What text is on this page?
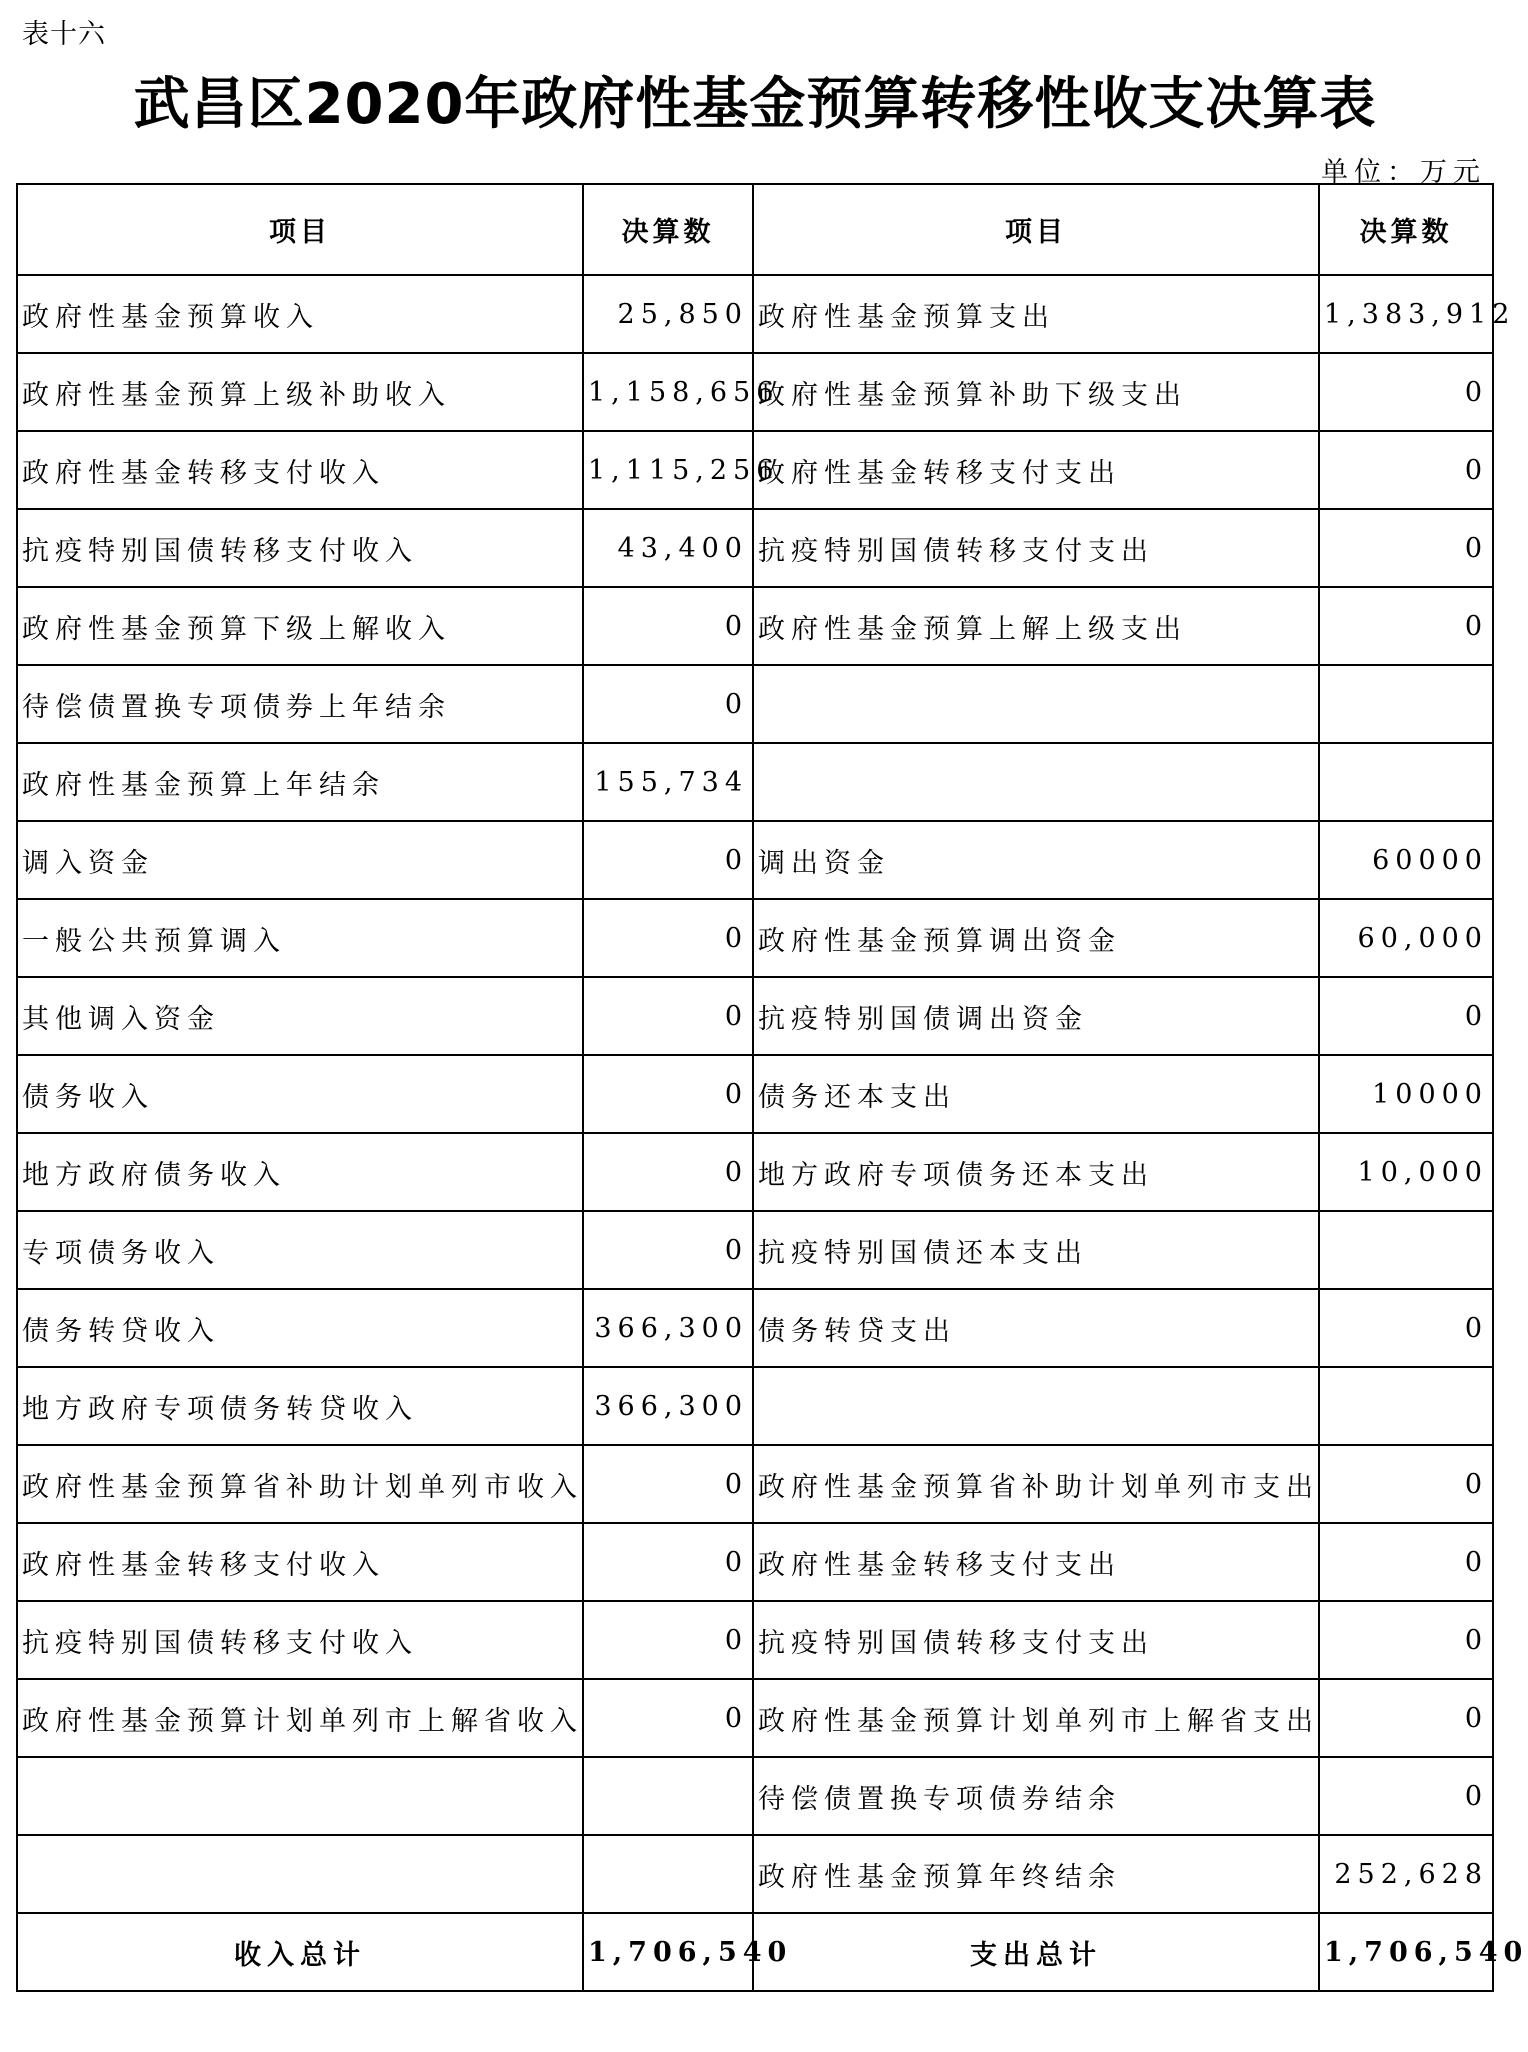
表十六
武昌区2020年政府性基金预算转移性收支决算表
单位：万元
项目	决算数	项目	决算数
政府性基金预算收入	25,850	政府性基金预算支出	1,383,912
政府性基金预算上级补助收入	1,158,656	政府性基金预算补助下级支出	0
政府性基金转移支付收入	1,115,256	政府性基金转移支付支出	0
抗疫特别国债转移支付收入	43,400	抗疫特别国债转移支付支出	0
政府性基金预算下级上解收入	0	政府性基金预算上解上级支出	0
待偿债置换专项债券上年结余	0		
政府性基金预算上年结余	155,734		
调入资金	0	调出资金	60000
一般公共预算调入	0	政府性基金预算调出资金	60,000
其他调入资金	0	抗疫特别国债调出资金	0
债务收入	0	债务还本支出	10000
地方政府债务收入	0	地方政府专项债务还本支出	10,000
专项债务收入	0	抗疫特别国债还本支出	
债务转贷收入	366,300	债务转贷支出	0
地方政府专项债务转贷收入	366,300		
政府性基金预算省补助计划单列市收入	0	政府性基金预算省补助计划单列市支出	0
政府性基金转移支付收入	0	政府性基金转移支付支出	0
抗疫特别国债转移支付收入	0	抗疫特别国债转移支付支出	0
政府性基金预算计划单列市上解省收入	0	政府性基金预算计划单列市上解省支出	0
		待偿债置换专项债券结余	0
		政府性基金预算年终结余	252,628
收入总计	1,706,540	支出总计	1,706,540
